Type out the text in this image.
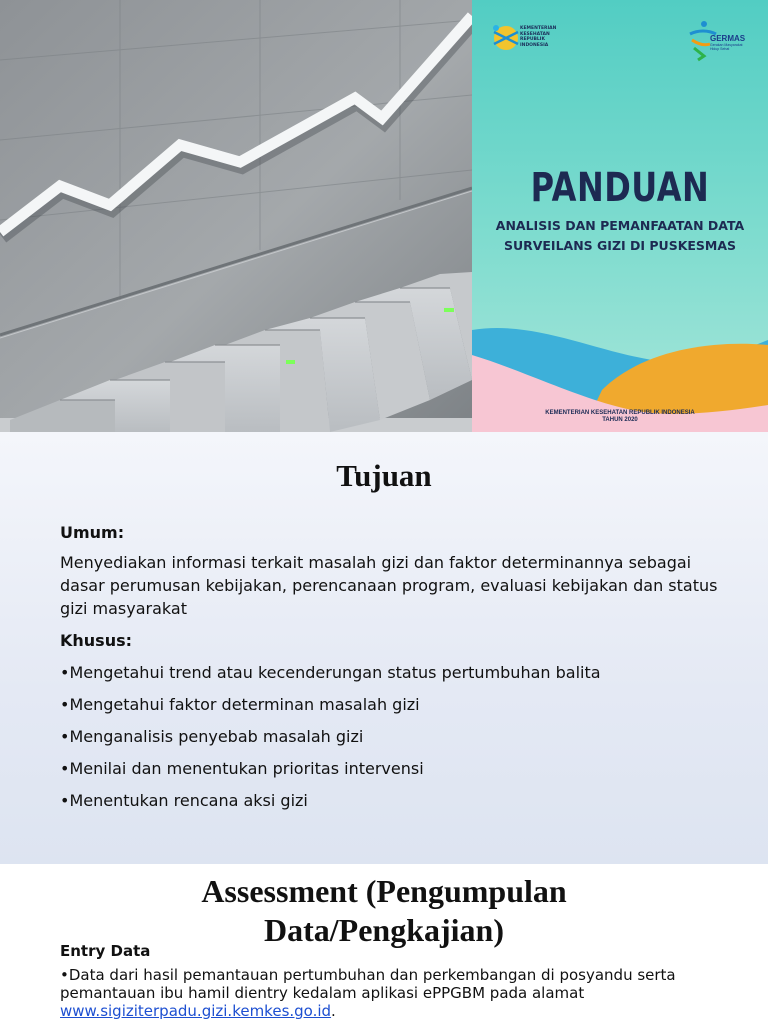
KEMENTERIAN KESEHATAN REPUBLIK INDONESIA
GERMAS
Gerakan Masyarakat Hidup Sehat
PANDUAN
ANALISIS DAN PEMANFAATAN DATA
SURVEILANS GIZI DI PUSKESMAS
KEMENTERIAN KESEHATAN REPUBLIK INDONESIA
TAHUN 2020
Tujuan
Umum:
Menyediakan informasi terkait masalah gizi dan faktor determinannya sebagai dasar perumusan kebijakan, perencanaan program, evaluasi kebijakan dan status gizi masyarakat
Khusus:
•Mengetahui trend atau kecenderungan status pertumbuhan balita
•Mengetahui faktor determinan masalah gizi
•Menganalisis penyebab masalah gizi
•Menilai dan menentukan prioritas intervensi
•Menentukan rencana aksi gizi
Assessment (Pengumpulan
Data/Pengkajian)
Entry Data
•Data dari hasil pemantauan pertumbuhan dan perkembangan di posyandu serta pemantauan ibu hamil dientry kedalam aplikasi ePPGBM pada alamat www.sigiziterpadu.gizi.kemkes.go.id.
